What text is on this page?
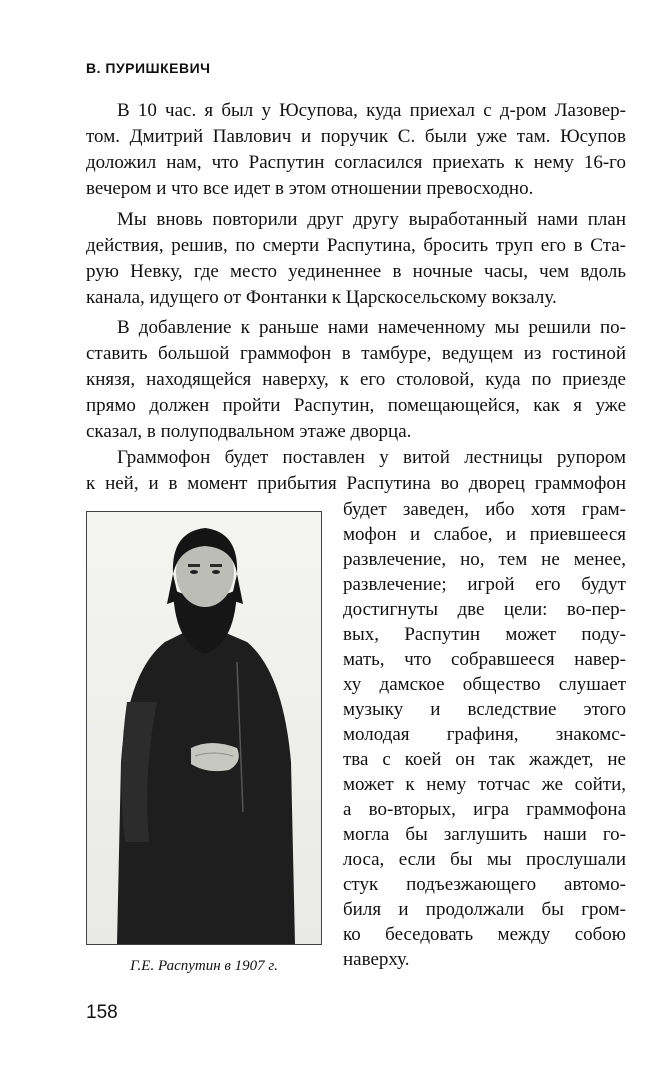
В. ПУРИШКЕВИЧ
В 10 час. я был у Юсупова, куда приехал с д-ром Лазовер-
том. Дмитрий Павлович и поручик С. были уже там. Юсупов
доложил нам, что Распутин согласился приехать к нему 16-го
вечером и что все идет в этом отношении превосходно.
Мы вновь повторили друг другу выработанный нами план
действия, решив, по смерти Распутина, бросить труп его в Ста-
рую Невку, где место уединеннее в ночные часы, чем вдоль
канала, идущего от Фонтанки к Царскосельскому вокзалу.
В добавление к раньше нами намеченному мы решили по-
ставить большой граммофон в тамбуре, ведущем из гостиной
князя, находящейся наверху, к его столовой, куда по приезде
прямо должен пройти Распутин, помещающейся, как я уже
сказал, в полуподвальном этаже дворца.
Граммофон будет поставлен у витой лестницы рупором
к ней, и в момент прибытия Распутина во дворец граммофон
Г.Е. Распутин в 1907 г.
будет заведен, ибо хотя грам-
мофон и слабое, и приевшееся
развлечение, но, тем не менее,
развлечение; игрой его будут
достигнуты две цели: во-пер-
вых, Распутин может поду-
мать, что собравшееся навер-
ху дамское общество слушает
музыку и вследствие этого
молодая графиня, знакомс-
тва с коей он так жаждет, не
может к нему тотчас же сойти,
а во-вторых, игра граммофона
могла бы заглушить наши го-
лоса, если бы мы прослушали
стук подъезжающего автомо-
биля и продолжали бы гром-
ко беседовать между собою
наверху.
158
